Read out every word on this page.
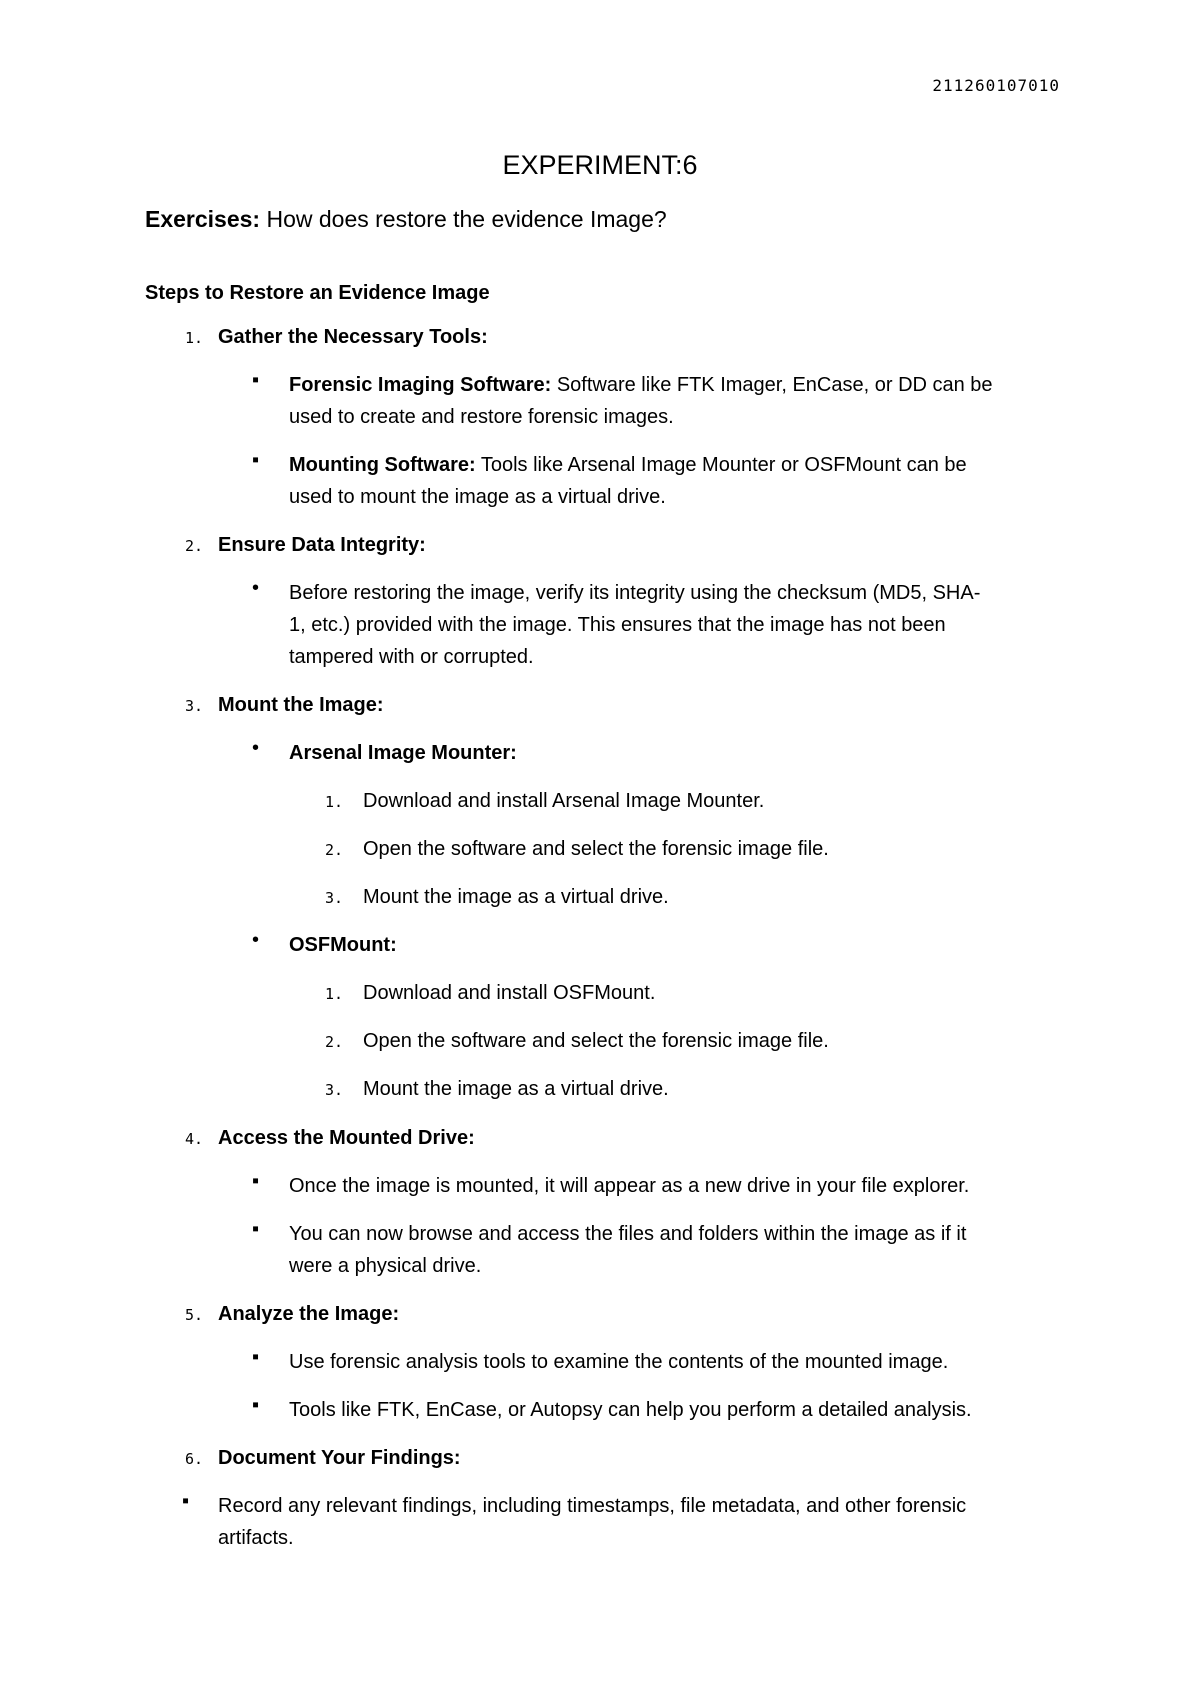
211260107010
EXPERIMENT:6
Exercises: How does restore the evidence Image?
Steps to Restore an Evidence Image
1. Gather the Necessary Tools:
▪ Forensic Imaging Software: Software like FTK Imager, EnCase, or DD can be
used to create and restore forensic images.
▪ Mounting Software: Tools like Arsenal Image Mounter or OSFMount can be
used to mount the image as a virtual drive.
2. Ensure Data Integrity:
• Before restoring the image, verify its integrity using the checksum (MD5, SHA-
1, etc.) provided with the image. This ensures that the image has not been
tampered with or corrupted.
3. Mount the Image:
• Arsenal Image Mounter:
1. Download and install Arsenal Image Mounter.
2. Open the software and select the forensic image file.
3. Mount the image as a virtual drive.
• OSFMount:
1. Download and install OSFMount.
2. Open the software and select the forensic image file.
3. Mount the image as a virtual drive.
4. Access the Mounted Drive:
▪ Once the image is mounted, it will appear as a new drive in your file explorer.
▪ You can now browse and access the files and folders within the image as if it
were a physical drive.
5. Analyze the Image:
▪ Use forensic analysis tools to examine the contents of the mounted image.
▪ Tools like FTK, EnCase, or Autopsy can help you perform a detailed analysis.
6. Document Your Findings:
▪ Record any relevant findings, including timestamps, file metadata, and other forensic
artifacts.
